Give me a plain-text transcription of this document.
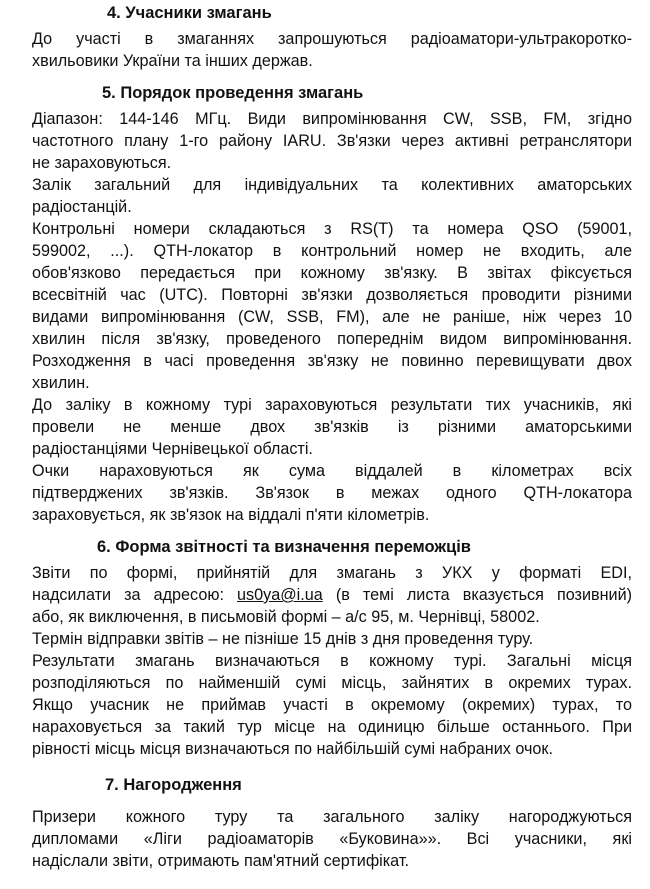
4. Учасники змагань
До участі в змаганнях запрошуються радіоаматори-ультракоротко-
хвильовики України та інших держав.
5. Порядок проведення змагань
Діапазон: 144-146 МГц. Види випромінювання CW, SSB, FM, згідно
частотного плану 1-го району IARU. Зв'язки через активні ретранслятори
не зараховуються.
Залік загальний для індивідуальних та колективних аматорських
радіостанцій.
Контрольні номери складаються з RS(T) та номера QSO (59001,
599002, ...). QTH-локатор в контрольний номер не входить, але
обов'язково передається при кожному зв'язку. В звітах фіксується
всесвітній час (UTC). Повторні зв'язки дозволяється проводити різними
видами випромінювання (CW, SSB, FM), але не раніше, ніж через 10
хвилин після зв'язку, проведеного попереднім видом випромінювання.
Розходження в часі проведення зв'язку не повинно перевищувати двох
хвилин.
До заліку в кожному турі зараховуються результати тих учасників, які
провели не менше двох зв'язків із різними аматорськими
радіостанціями Чернівецької області.
Очки нараховуються як сума віддалей в кілометрах всіх
підтверджених зв'язків. Зв'язок в межах одного QTH-локатора
зараховується, як зв'язок на віддалі п'яти кілометрів.
6. Форма звітності та визначення переможців
Звіти по формі, прийнятій для змагань з УКХ у форматі EDI,
надсилати за адресою: us0ya@i.ua (в темі листа вказується позивний)
або, як виключення, в письмовій формі – а/с 95, м. Чернівці, 58002.
Термін відправки звітів – не пізніше 15 днів з дня проведення туру.
Результати змагань визначаються в кожному турі. Загальні місця
розподіляються по найменшій сумі місць, зайнятих в окремих турах.
Якщо учасник не приймав участі в окремому (окремих) турах, то
нараховується за такий тур місце на одиницю більше останнього. При
рівності місць місця визначаються по найбільшій сумі набраних очок.
7. Нагородження
Призери кожного туру та загального заліку нагороджуються
дипломами «Ліги радіоаматорів «Буковина»». Всі учасники, які
надіслали звіти, отримають пам'ятний сертифікат.
